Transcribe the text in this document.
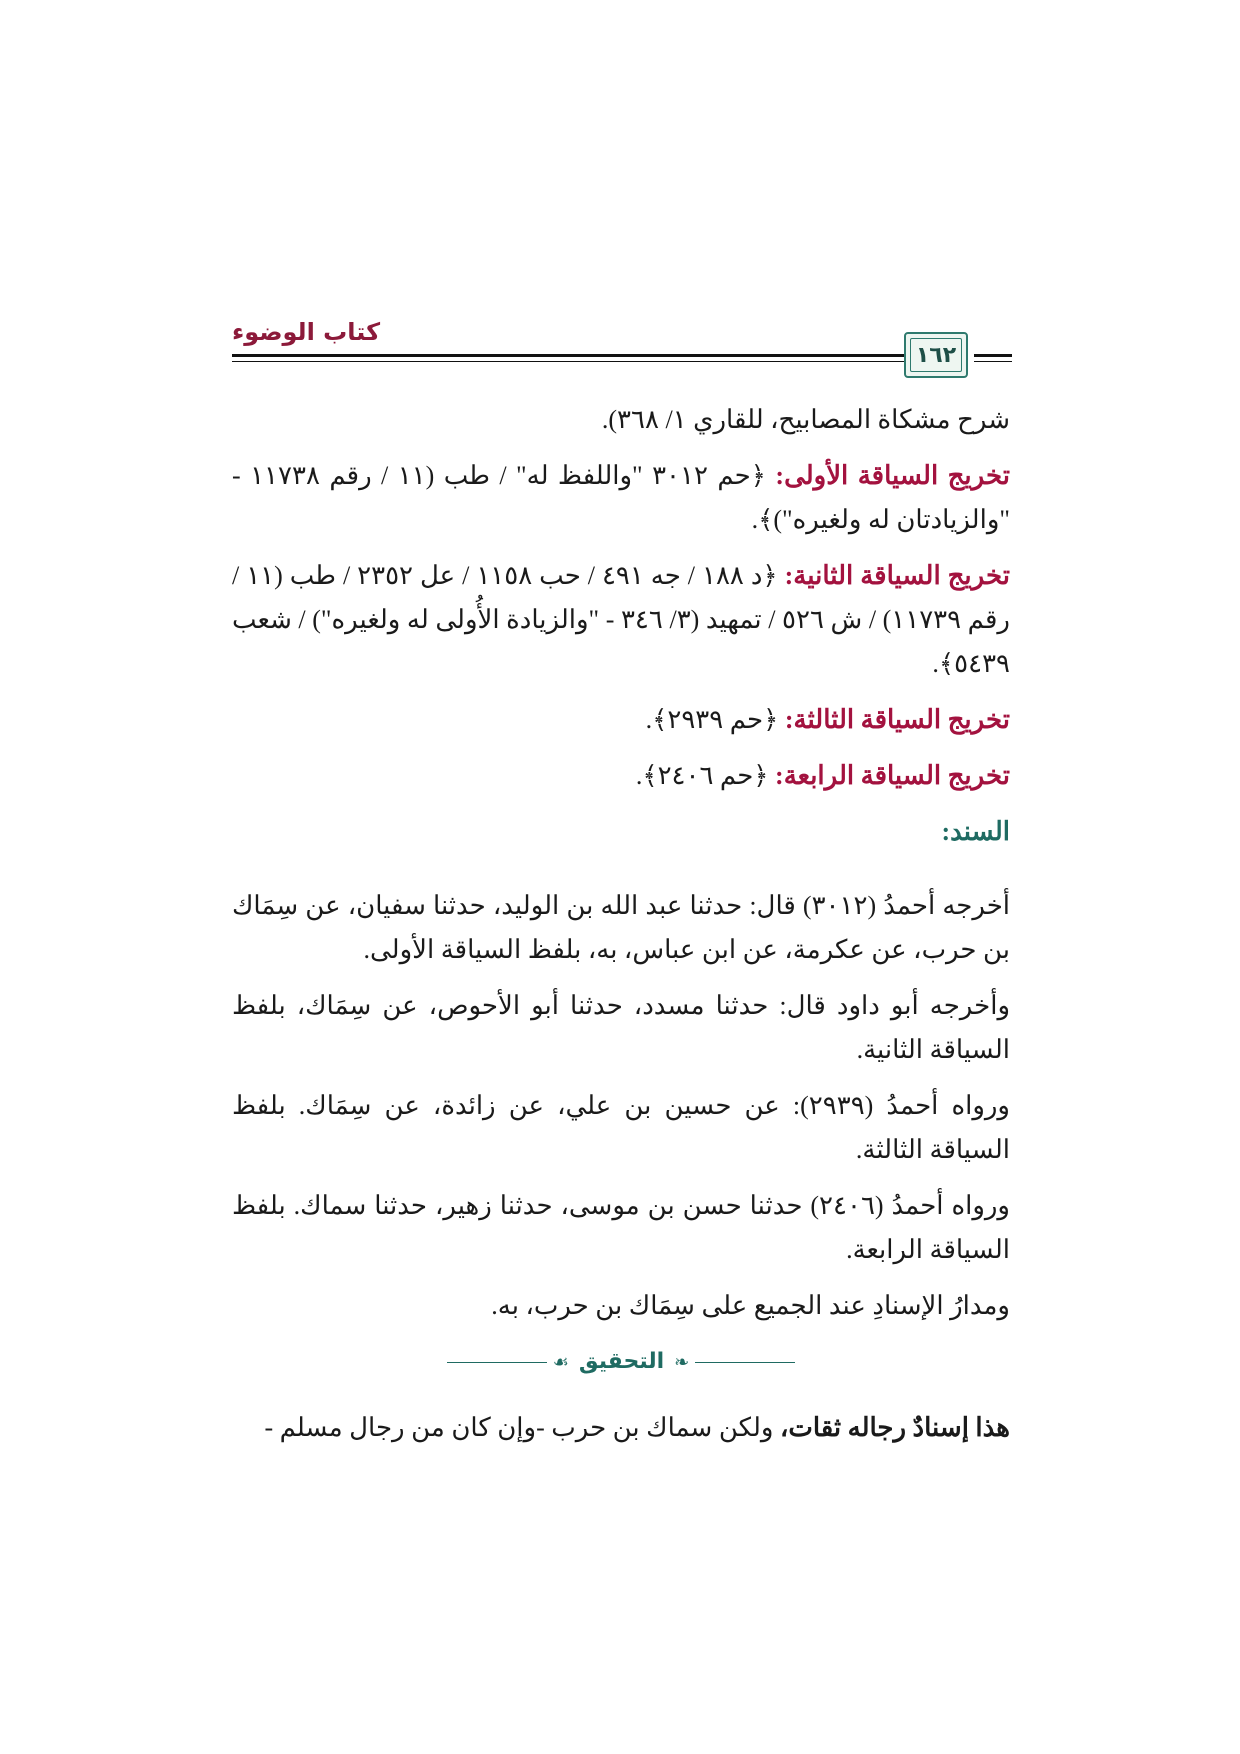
كتاب الوضوء
١٦٢

شرح مشكاة المصابيح، للقاري ١/ ٣٦٨).

تخريج السياقة الأولى: ﴿حم ٣٠١٢ "واللفظ له" / طب (١١ / رقم ١١٧٣٨ - "والزيادتان له ولغيره")﴾.

تخريج السياقة الثانية: ﴿د ١٨٨ / جه ٤٩١ / حب ١١٥٨ / عل ٢٣٥٢ / طب (١١ / رقم ١١٧٣٩) / ش ٥٢٦ / تمهيد (٣/ ٣٤٦ - "والزيادة الأُولى له ولغيره") / شعب ٥٤٣٩﴾.

تخريج السياقة الثالثة: ﴿حم ٢٩٣٩﴾.

تخريج السياقة الرابعة: ﴿حم ٢٤٠٦﴾.

السند:

أخرجه أحمدُ (٣٠١٢) قال: حدثنا عبد الله بن الوليد، حدثنا سفيان، عن سِمَاك بن حرب، عن عكرمة، عن ابن عباس، به، بلفظ السياقة الأولى.

وأخرجه أبو داود قال: حدثنا مسدد، حدثنا أبو الأحوص، عن سِمَاك، بلفظ السياقة الثانية.

ورواه أحمدُ (٢٩٣٩): عن حسين بن علي، عن زائدة، عن سِمَاك. بلفظ السياقة الثالثة.

ورواه أحمدُ (٢٤٠٦) حدثنا حسن بن موسى، حدثنا زهير، حدثنا سماك. بلفظ السياقة الرابعة.

ومدارُ الإسنادِ عند الجميع على سِمَاك بن حرب، به.

❧
التحقيق
☙

هذا إسنادٌ رجاله ثقات، ولكن سماك بن حرب -وإن كان من رجال مسلم -
